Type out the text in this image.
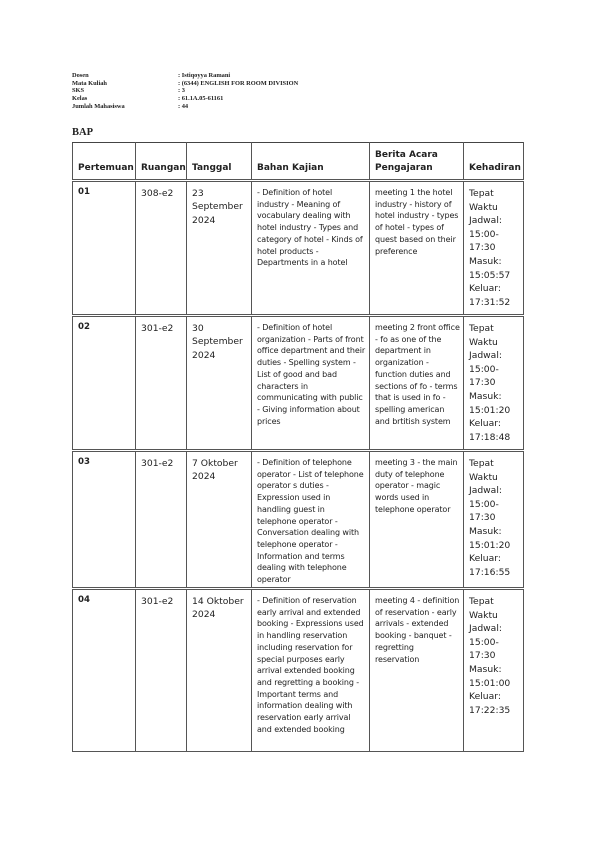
Dosen	: Istiqoyya Ramani
Mata Kuliah	: (6344) ENGLISH FOR ROOM DIVISION
SKS	: 3
Kelas	: 61.1A.05-61161
Jumlah Mahasiswa	: 44
BAP
Pertemuan	Ruangan	Tanggal	Bahan Kajian	Berita Acara Pengajaran	Kehadiran
01	308-e2	23 September 2024	- Definition of hotel industry - Meaning of vocabulary dealing with hotel industry - Types and category of hotel - Kinds of hotel products - Departments in a hotel	meeting 1 the hotel industry - history of hotel industry - types of hotel - types of quest based on their preference	Tepat Waktu Jadwal: 15:00-17:30 Masuk: 15:05:57 Keluar: 17:31:52
02	301-e2	30 September 2024	- Definition of hotel organization - Parts of front office department and their duties - Spelling system - List of good and bad characters in communicating with public - Giving information about prices	meeting 2 front office - fo as one of the department in organization - function duties and sections of fo - terms that is used in fo - spelling american and brtitish system	Tepat Waktu Jadwal: 15:00-17:30 Masuk: 15:01:20 Keluar: 17:18:48
03	301-e2	7 Oktober 2024	- Definition of telephone operator - List of telephone operator s duties - Expression used in handling guest in telephone operator - Conversation dealing with telephone operator - Information and terms dealing with telephone operator	meeting 3 - the main duty of telephone operator - magic words used in telephone operator	Tepat Waktu Jadwal: 15:00-17:30 Masuk: 15:01:20 Keluar: 17:16:55
04	301-e2	14 Oktober 2024	- Definition of reservation early arrival and extended booking - Expressions used in handling reservation including reservation for special purposes early arrival extended booking and regretting a booking - Important terms and information dealing with reservation early arrival and extended booking	meeting 4 - definition of reservation - early arrivals - extended booking - banquet - regretting reservation	Tepat Waktu Jadwal: 15:00-17:30 Masuk: 15:01:00 Keluar: 17:22:35
